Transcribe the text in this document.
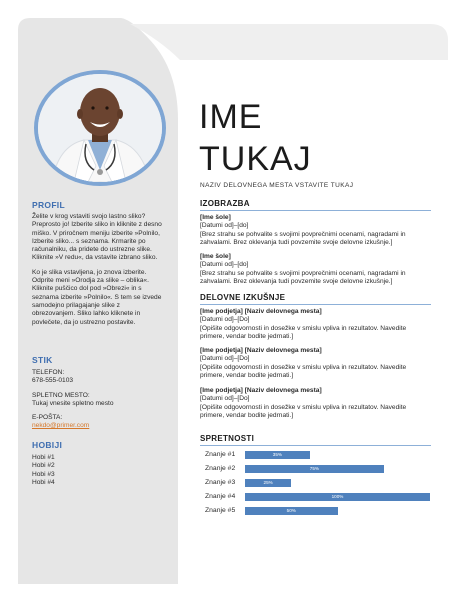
PROFIL

Želite v krog vstaviti svojo lastno sliko? Preprosto jo! Izberite sliko in kliknite z desno miško. V priročnem meniju izberite »Polnilo, Izberite sliko... s seznama. Krmarite po računalniku, da pridete do ustrezne slike. Kliknite »V redu«, da vstavite izbrano sliko.

Ko je slika vstavljena, jo znova izberite. Odprite meni »Orodja za slike – oblika«. Kliknite puščico dol pod »Obrezi« in s seznama izberite »Polnilo«. S tem se izvede samodejno prilagajanje slike z obrezovanjem. Sliko lahko kliknete in povlečete, da jo ustrezno postavite.

STIK
TELEFON:
678-555-0103
SPLETNO MESTO:
Tukaj vnesite spletno mesto
E-POŠTA:
nekdo@primer.com
HOBIJI
Hobi #1
Hobi #2
Hobi #3
Hobi #4
IME
TUKAJ
NAZIV DELOVNEGA MESTA VSTAVITE TUKAJ
IZOBRAZBA
[Ime šole]
[Datumi od]–[do]
[Brez strahu se pohvalite s svojimi povprečnimi ocenami, nagradami in zahvalami. Brez oklevanja tudi povzemite svoje delovne izkušnje.]
[Ime šole]
[Datumi od]–[do]
[Brez strahu se pohvalite s svojimi povprečnimi ocenami, nagradami in zahvalami. Brez oklevanja tudi povzemite svoje delovne izkušnje.]
DELOVNE IZKUŠNJE
[Ime podjetja] [Naziv delovnega mesta]
[Datumi od]–[Do]
[Opišite odgovornosti in dosežke v smislu vpliva in rezultatov. Navedite primere, vendar bodite jedrnati.]
[Ime podjetja] [Naziv delovnega mesta]
[Datumi od]–[Do]
[Opišite odgovornosti in dosežke v smislu vpliva in rezultatov. Navedite primere, vendar bodite jedrnati.]
[Ime podjetja] [Naziv delovnega mesta]
[Datumi od]–[Do]
[Opišite odgovornosti in dosežke v smislu vpliva in rezultatov. Navedite primere, vendar bodite jedrnati.]
SPRETNOSTI
Znanje #1	35%
Znanje #2	75%
Znanje #3	25%
Znanje #4	100%
Znanje #5	50%
